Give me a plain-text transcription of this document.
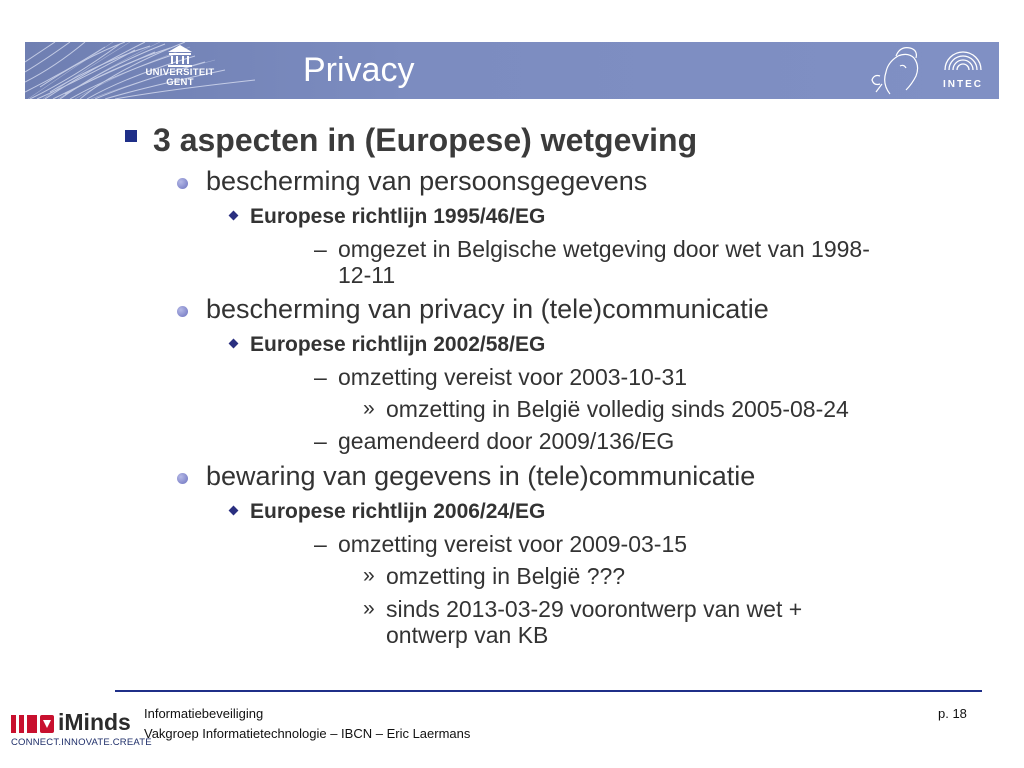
UNIVERSITEIT
GENT	Privacy	INTEC
3 aspecten in (Europese) wetgeving
bescherming van persoonsgegevens
Europese richtlijn 1995/46/EG
– omgezet in Belgische wetgeving door wet van 1998-
12-11
bescherming van privacy in (tele)communicatie
Europese richtlijn 2002/58/EG
– omzetting vereist voor 2003-10-31
» omzetting in België volledig sinds 2005-08-24
– geamendeerd door 2009/136/EG
bewaring van gegevens in (tele)communicatie
Europese richtlijn 2006/24/EG
– omzetting vereist voor 2009-03-15
» omzetting in België ???
» sinds 2013-03-29 voorontwerp van wet +
ontwerp van KB
iMinds
CONNECT.INNOVATE.CREATE
Informatiebeveiliging
Vakgroep Informatietechnologie – IBCN – Eric Laermans
p. 18
